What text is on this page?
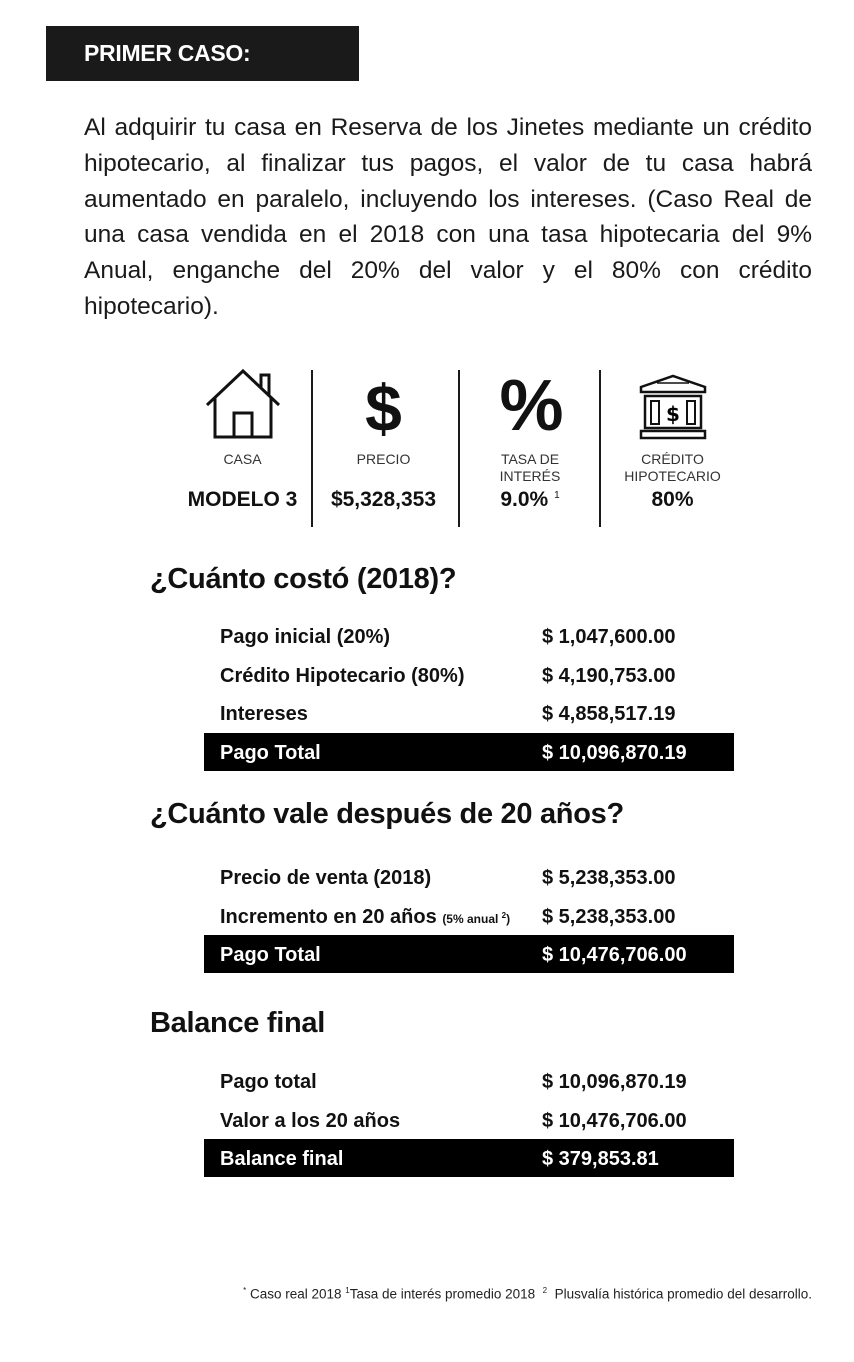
PRIMER CASO:
Al adquirir tu casa en Reserva de los Jinetes mediante un crédito hipotecario, al finalizar tus pagos, el valor de tu casa habrá aumentado en paralelo, incluyendo los intereses. (Caso Real de una casa vendida en el 2018 con una tasa hipotecaria del 9% Anual, enganche del 20% del valor y el 80% con crédito hipotecario).
CASA
MODELO 3
$
PRECIO
$5,328,353
%
TASA DE
INTERÉS
9.0% $^1$
$
CRÉDITO
HIPOTECARIO
80%
¿Cuánto costó (2018)?
Pago inicial (20%)	$ 1,047,600.00
Crédito Hipotecario (80%)	$ 4,190,753.00
Intereses	$ 4,858,517.19
Pago Total	$ 10,096,870.19
¿Cuánto vale después de 20 años?
Precio de venta (2018)	$ 5,238,353.00
Incremento en 20 años (5% anual $^2$) $ 5,238,353.00
Pago Total	$ 10,476,706.00
Balance final
Pago total	$ 10,096,870.19
Valor a los 20 años	$ 10,476,706.00
Balance final	$ 379,853.81
* Caso real 2018 $^1$Tasa de interés promedio 2018 $^2$ Plusvalía histórica promedio del desarrollo.
